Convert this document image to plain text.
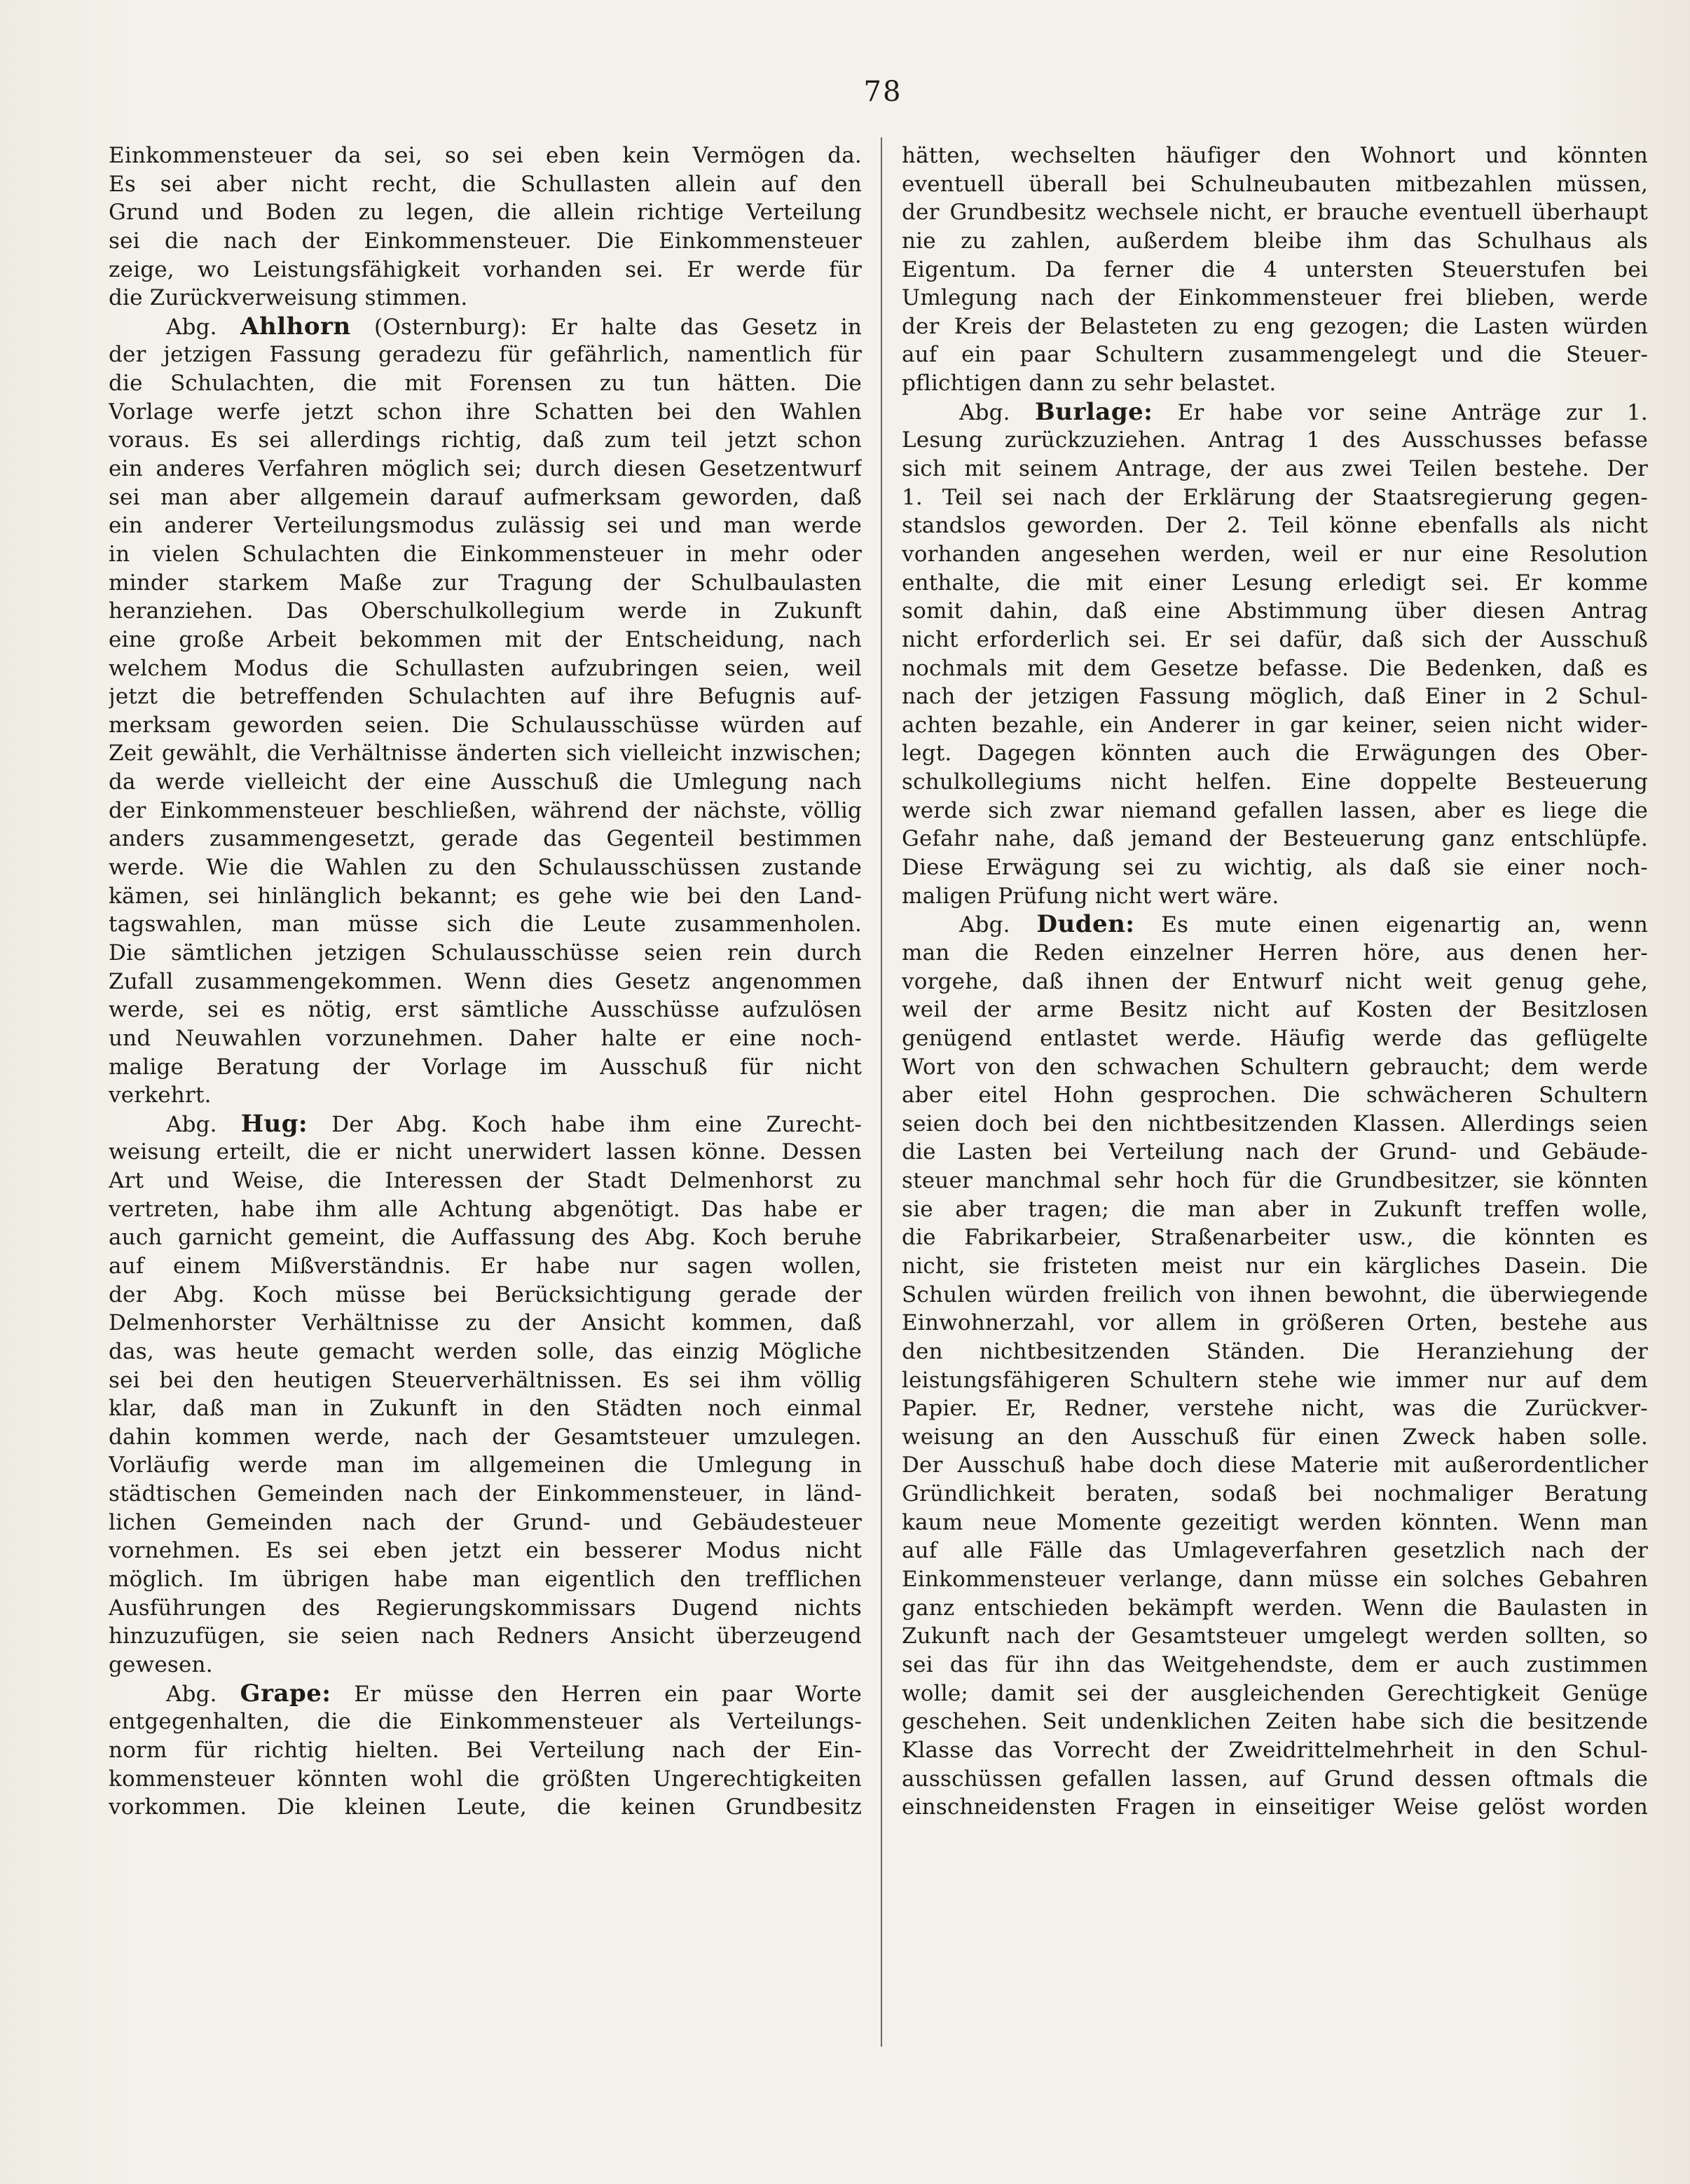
78
Einkommensteuer da sei, so sei eben kein Vermögen da.
Es sei aber nicht recht, die Schullasten allein auf den
Grund und Boden zu legen, die allein richtige Verteilung
sei die nach der Einkommensteuer. Die Einkommensteuer
zeige, wo Leistungsfähigkeit vorhanden sei. Er werde für
die Zurückverweisung stimmen.
Abg. Ahlhorn (Osternburg): Er halte das Gesetz in
der jetzigen Fassung geradezu für gefährlich, namentlich für
die Schulachten, die mit Forensen zu tun hätten. Die
Vorlage werfe jetzt schon ihre Schatten bei den Wahlen
voraus. Es sei allerdings richtig, daß zum teil jetzt schon
ein anderes Verfahren möglich sei; durch diesen Gesetzentwurf
sei man aber allgemein darauf aufmerksam geworden, daß
ein anderer Verteilungsmodus zulässig sei und man werde
in vielen Schulachten die Einkommensteuer in mehr oder
minder starkem Maße zur Tragung der Schulbaulasten
heranziehen. Das Oberschulkollegium werde in Zukunft
eine große Arbeit bekommen mit der Entscheidung, nach
welchem Modus die Schullasten aufzubringen seien, weil
jetzt die betreffenden Schulachten auf ihre Befugnis auf-
merksam geworden seien. Die Schulausschüsse würden auf
Zeit gewählt, die Verhältnisse änderten sich vielleicht inzwischen;
da werde vielleicht der eine Ausschuß die Umlegung nach
der Einkommensteuer beschließen, während der nächste, völlig
anders zusammengesetzt, gerade das Gegenteil bestimmen
werde. Wie die Wahlen zu den Schulausschüssen zustande
kämen, sei hinlänglich bekannt; es gehe wie bei den Land-
tagswahlen, man müsse sich die Leute zusammenholen.
Die sämtlichen jetzigen Schulausschüsse seien rein durch
Zufall zusammengekommen. Wenn dies Gesetz angenommen
werde, sei es nötig, erst sämtliche Ausschüsse aufzulösen
und Neuwahlen vorzunehmen. Daher halte er eine noch-
malige Beratung der Vorlage im Ausschuß für nicht
verkehrt.
Abg. Hug: Der Abg. Koch habe ihm eine Zurecht-
weisung erteilt, die er nicht unerwidert lassen könne. Dessen
Art und Weise, die Interessen der Stadt Delmenhorst zu
vertreten, habe ihm alle Achtung abgenötigt. Das habe er
auch garnicht gemeint, die Auffassung des Abg. Koch beruhe
auf einem Mißverständnis. Er habe nur sagen wollen,
der Abg. Koch müsse bei Berücksichtigung gerade der
Delmenhorster Verhältnisse zu der Ansicht kommen, daß
das, was heute gemacht werden solle, das einzig Mögliche
sei bei den heutigen Steuerverhältnissen. Es sei ihm völlig
klar, daß man in Zukunft in den Städten noch einmal
dahin kommen werde, nach der Gesamtsteuer umzulegen.
Vorläufig werde man im allgemeinen die Umlegung in
städtischen Gemeinden nach der Einkommensteuer, in länd-
lichen Gemeinden nach der Grund- und Gebäudesteuer
vornehmen. Es sei eben jetzt ein besserer Modus nicht
möglich. Im übrigen habe man eigentlich den trefflichen
Ausführungen des Regierungskommissars Dugend nichts
hinzuzufügen, sie seien nach Redners Ansicht überzeugend
gewesen.
Abg. Grape: Er müsse den Herren ein paar Worte
entgegenhalten, die die Einkommensteuer als Verteilungs-
norm für richtig hielten. Bei Verteilung nach der Ein-
kommensteuer könnten wohl die größten Ungerechtigkeiten
vorkommen. Die kleinen Leute, die keinen Grundbesitz
hätten, wechselten häufiger den Wohnort und könnten
eventuell überall bei Schulneubauten mitbezahlen müssen,
der Grundbesitz wechsele nicht, er brauche eventuell überhaupt
nie zu zahlen, außerdem bleibe ihm das Schulhaus als
Eigentum. Da ferner die 4 untersten Steuerstufen bei
Umlegung nach der Einkommensteuer frei blieben, werde
der Kreis der Belasteten zu eng gezogen; die Lasten würden
auf ein paar Schultern zusammengelegt und die Steuer-
pflichtigen dann zu sehr belastet.
Abg. Burlage: Er habe vor seine Anträge zur 1.
Lesung zurückzuziehen. Antrag 1 des Ausschusses befasse
sich mit seinem Antrage, der aus zwei Teilen bestehe. Der
1. Teil sei nach der Erklärung der Staatsregierung gegen-
standslos geworden. Der 2. Teil könne ebenfalls als nicht
vorhanden angesehen werden, weil er nur eine Resolution
enthalte, die mit einer Lesung erledigt sei. Er komme
somit dahin, daß eine Abstimmung über diesen Antrag
nicht erforderlich sei. Er sei dafür, daß sich der Ausschuß
nochmals mit dem Gesetze befasse. Die Bedenken, daß es
nach der jetzigen Fassung möglich, daß Einer in 2 Schul-
achten bezahle, ein Anderer in gar keiner, seien nicht wider-
legt. Dagegen könnten auch die Erwägungen des Ober-
schulkollegiums nicht helfen. Eine doppelte Besteuerung
werde sich zwar niemand gefallen lassen, aber es liege die
Gefahr nahe, daß jemand der Besteuerung ganz entschlüpfe.
Diese Erwägung sei zu wichtig, als daß sie einer noch-
maligen Prüfung nicht wert wäre.
Abg. Duden: Es mute einen eigenartig an, wenn
man die Reden einzelner Herren höre, aus denen her-
vorgehe, daß ihnen der Entwurf nicht weit genug gehe,
weil der arme Besitz nicht auf Kosten der Besitzlosen
genügend entlastet werde. Häufig werde das geflügelte
Wort von den schwachen Schultern gebraucht; dem werde
aber eitel Hohn gesprochen. Die schwächeren Schultern
seien doch bei den nichtbesitzenden Klassen. Allerdings seien
die Lasten bei Verteilung nach der Grund- und Gebäude-
steuer manchmal sehr hoch für die Grundbesitzer, sie könnten
sie aber tragen; die man aber in Zukunft treffen wolle,
die Fabrikarbeier, Straßenarbeiter usw., die könnten es
nicht, sie fristeten meist nur ein kärgliches Dasein. Die
Schulen würden freilich von ihnen bewohnt, die überwiegende
Einwohnerzahl, vor allem in größeren Orten, bestehe aus
den nichtbesitzenden Ständen. Die Heranziehung der
leistungsfähigeren Schultern stehe wie immer nur auf dem
Papier. Er, Redner, verstehe nicht, was die Zurückver-
weisung an den Ausschuß für einen Zweck haben solle.
Der Ausschuß habe doch diese Materie mit außerordentlicher
Gründlichkeit beraten, sodaß bei nochmaliger Beratung
kaum neue Momente gezeitigt werden könnten. Wenn man
auf alle Fälle das Umlageverfahren gesetzlich nach der
Einkommensteuer verlange, dann müsse ein solches Gebahren
ganz entschieden bekämpft werden. Wenn die Baulasten in
Zukunft nach der Gesamtsteuer umgelegt werden sollten, so
sei das für ihn das Weitgehendste, dem er auch zustimmen
wolle; damit sei der ausgleichenden Gerechtigkeit Genüge
geschehen. Seit undenklichen Zeiten habe sich die besitzende
Klasse das Vorrecht der Zweidrittelmehrheit in den Schul-
ausschüssen gefallen lassen, auf Grund dessen oftmals die
einschneidensten Fragen in einseitiger Weise gelöst worden
